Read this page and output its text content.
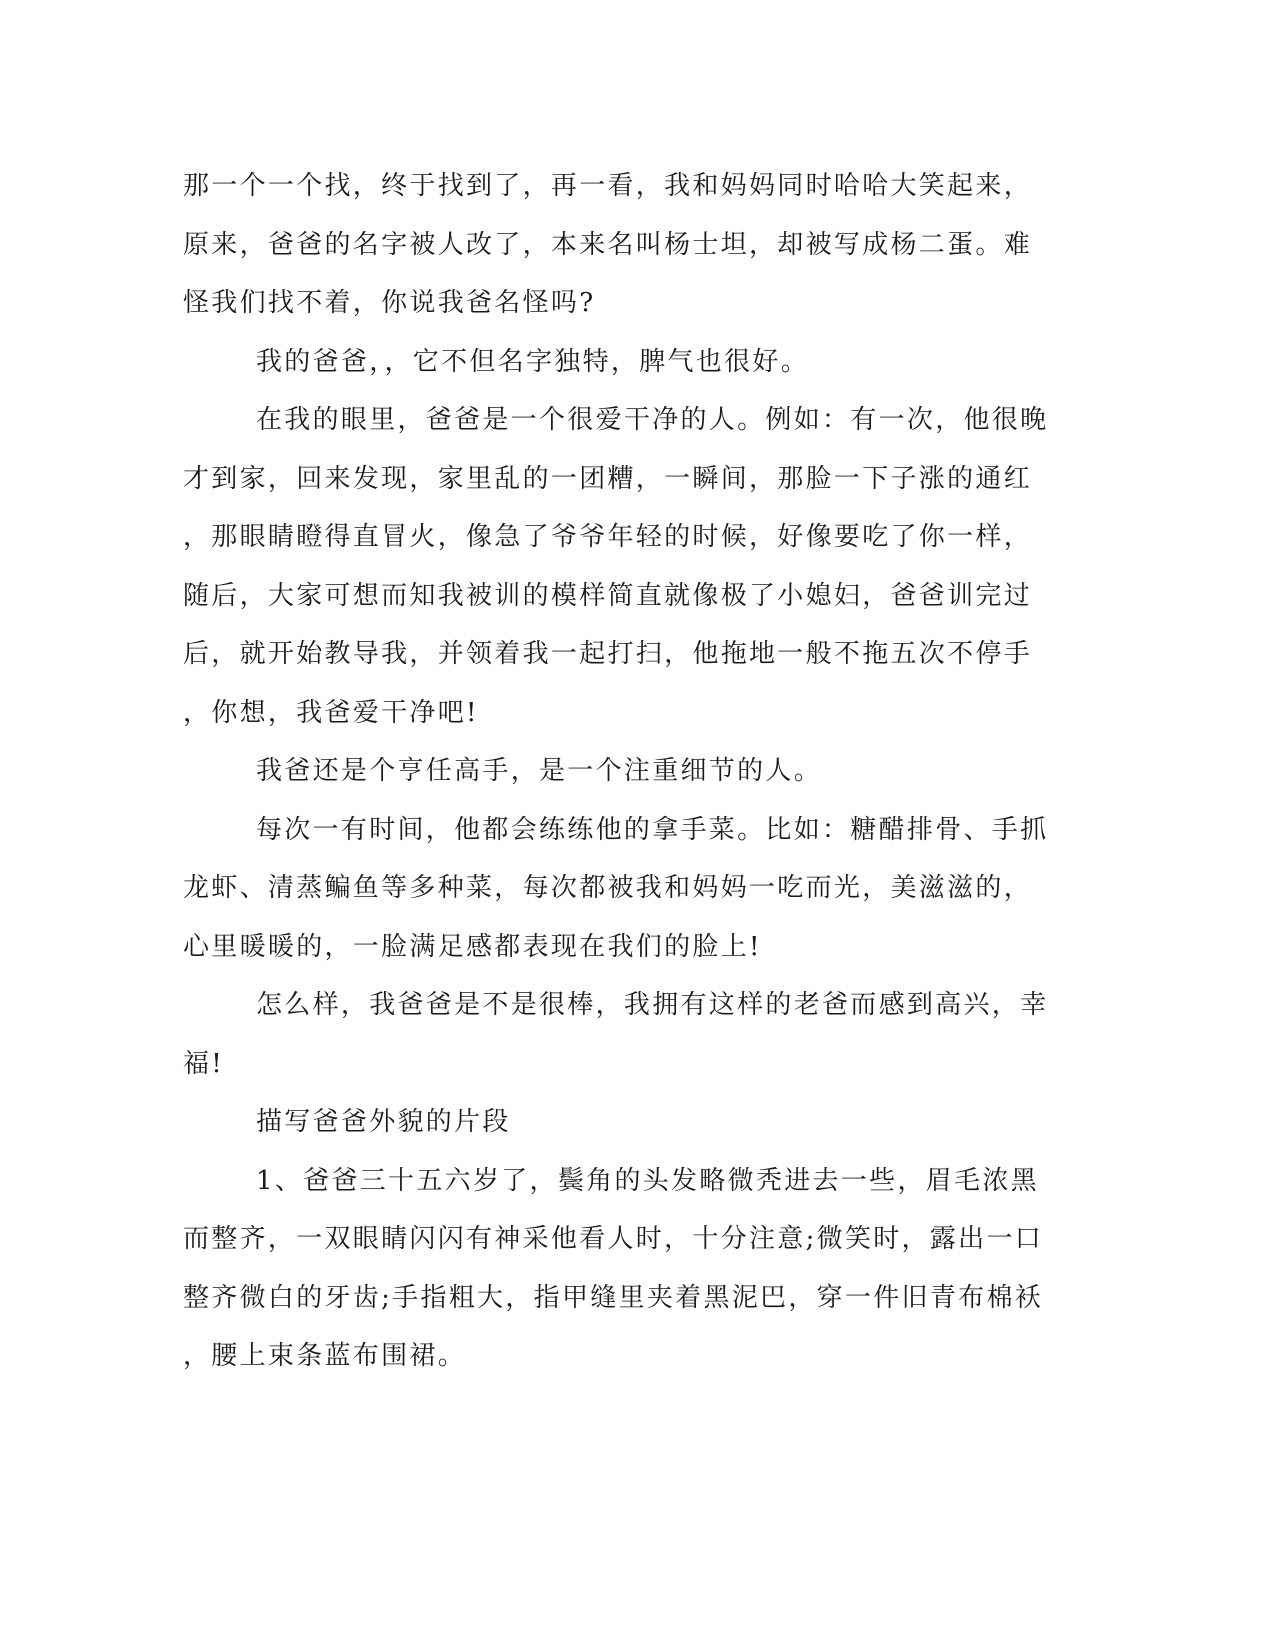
那一个一个找，终于找到了，再一看，我和妈妈同时哈哈大笑起来，
原来，爸爸的名字被人改了，本来名叫杨士坦，却被写成杨二蛋。难
怪我们找不着，你说我爸名怪吗?
我的爸爸，，它不但名字独特，脾气也很好。
在我的眼里，爸爸是一个很爱干净的人。例如：有一次，他很晚
才到家，回来发现，家里乱的一团糟，一瞬间，那脸一下子涨的通红
，那眼睛瞪得直冒火，像急了爷爷年轻的时候，好像要吃了你一样，
随后，大家可想而知我被训的模样简直就像极了小媳妇，爸爸训完过
后，就开始教导我，并领着我一起打扫，他拖地一般不拖五次不停手
，你想，我爸爱干净吧!
我爸还是个亨任高手，是一个注重细节的人。
每次一有时间，他都会练练他的拿手菜。比如：糖醋排骨、手抓
龙虾、清蒸鳊鱼等多种菜，每次都被我和妈妈一吃而光，美滋滋的，
心里暖暖的，一脸满足感都表现在我们的脸上!
怎么样，我爸爸是不是很棒，我拥有这样的老爸而感到高兴，幸
福!
描写爸爸外貌的片段
1、爸爸三十五六岁了，鬓角的头发略微秃进去一些，眉毛浓黑
而整齐，一双眼睛闪闪有神采他看人时，十分注意;微笑时，露出一口
整齐微白的牙齿;手指粗大，指甲缝里夹着黑泥巴，穿一件旧青布棉袄
，腰上束条蓝布围裙。
